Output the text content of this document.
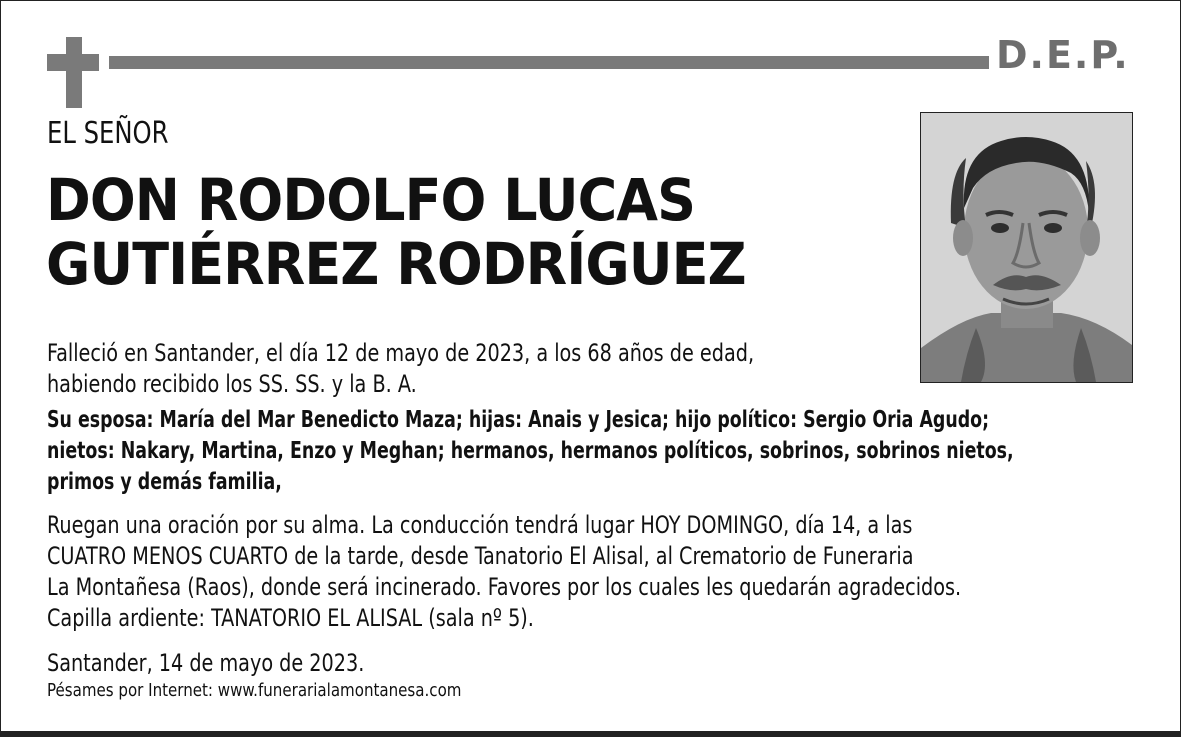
D.E.P.
EL SEÑOR
DON RODOLFO LUCAS
GUTIÉRREZ RODRÍGUEZ
Falleció en Santander, el día 12 de mayo de 2023, a los 68 años de edad,
habiendo recibido los SS. SS. y la B. A.
Su esposa: María del Mar Benedicto Maza; hijas: Anais y Jesica; hijo político: Sergio Oria Agudo;
nietos: Nakary, Martina, Enzo y Meghan; hermanos, hermanos políticos, sobrinos, sobrinos nietos,
primos y demás familia,
Ruegan una oración por su alma. La conducción tendrá lugar HOY DOMINGO, día 14, a las
CUATRO MENOS CUARTO de la tarde, desde Tanatorio El Alisal, al Crematorio de Funeraria
La Montañesa (Raos), donde será incinerado. Favores por los cuales les quedarán agradecidos.
Capilla ardiente: TANATORIO EL ALISAL (sala nº 5).
Santander, 14 de mayo de 2023.
Pésames por Internet: www.funerarialamontanesa.com
